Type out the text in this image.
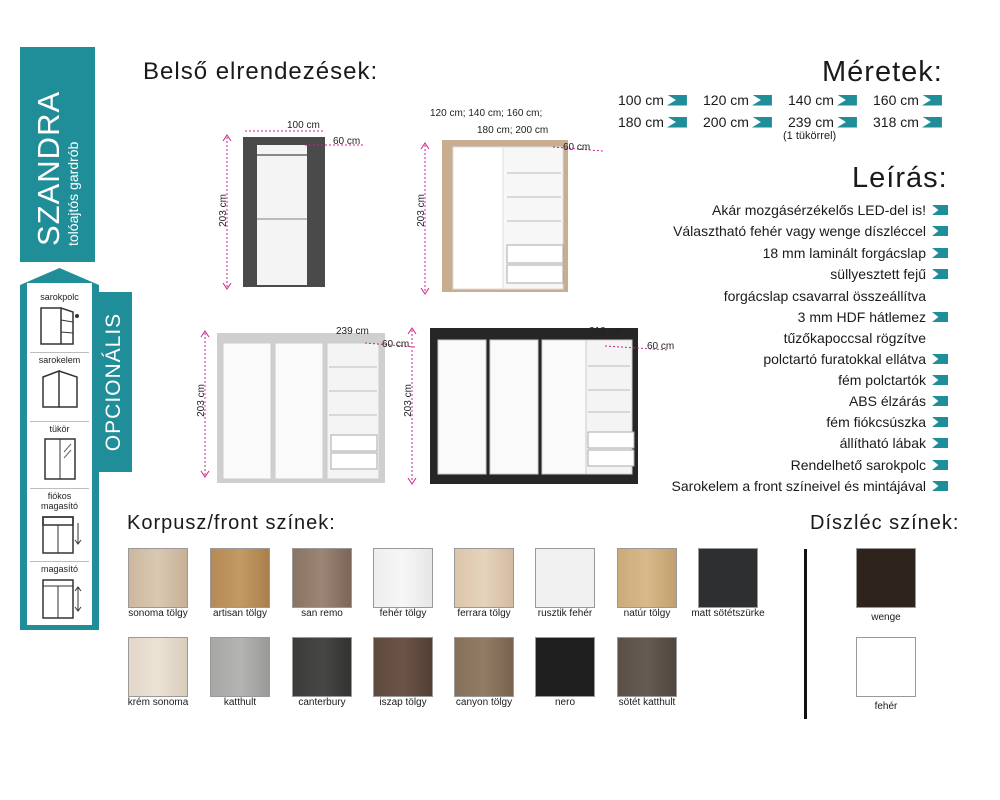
SZANDRA tolóajtós gardrób
OPCIONÁLIS
sarokpolc
sarokelem
tükör
fiókos magasító
magasító
Belső elrendezések:	Méretek:
Leírás:
Korpusz/front színek:	Díszléc színek:
100 cm	120 cm	140 cm	160 cm
180 cm	200 cm	239 cm	318 cm
(1 tükörrel)
Akár mozgásérzékelős LED-del is!
Választható fehér vagy wenge díszléccel
18 mm laminált forgácslap
süllyesztett fejű
forgácslap csavarral összeállítva
3 mm HDF hátlemez
tűzőkapoccsal rögzítve
polctartó furatokkal ellátva
fém polctartók
ABS élzárás
fém fiókcsúszka
állítható lábak
Rendelhető sarokpolc
Sarokelem a front színeivel és mintájával
100 cm
60 cm
203 cm
120 cm; 140 cm; 160 cm;
180 cm; 200 cm
60 cm
203 cm
239 cm
60 cm
203 cm
318 cm
60 cm
203 cm
sonoma tölgy	artisan tölgy	san remo	fehér tölgy	ferrara tölgy	rusztik fehér	natúr tölgy	matt sötétszürke
krém sonoma	katthult	canterbury	iszap tölgy	canyon tölgy	nero	sötét katthult
wenge
fehér
